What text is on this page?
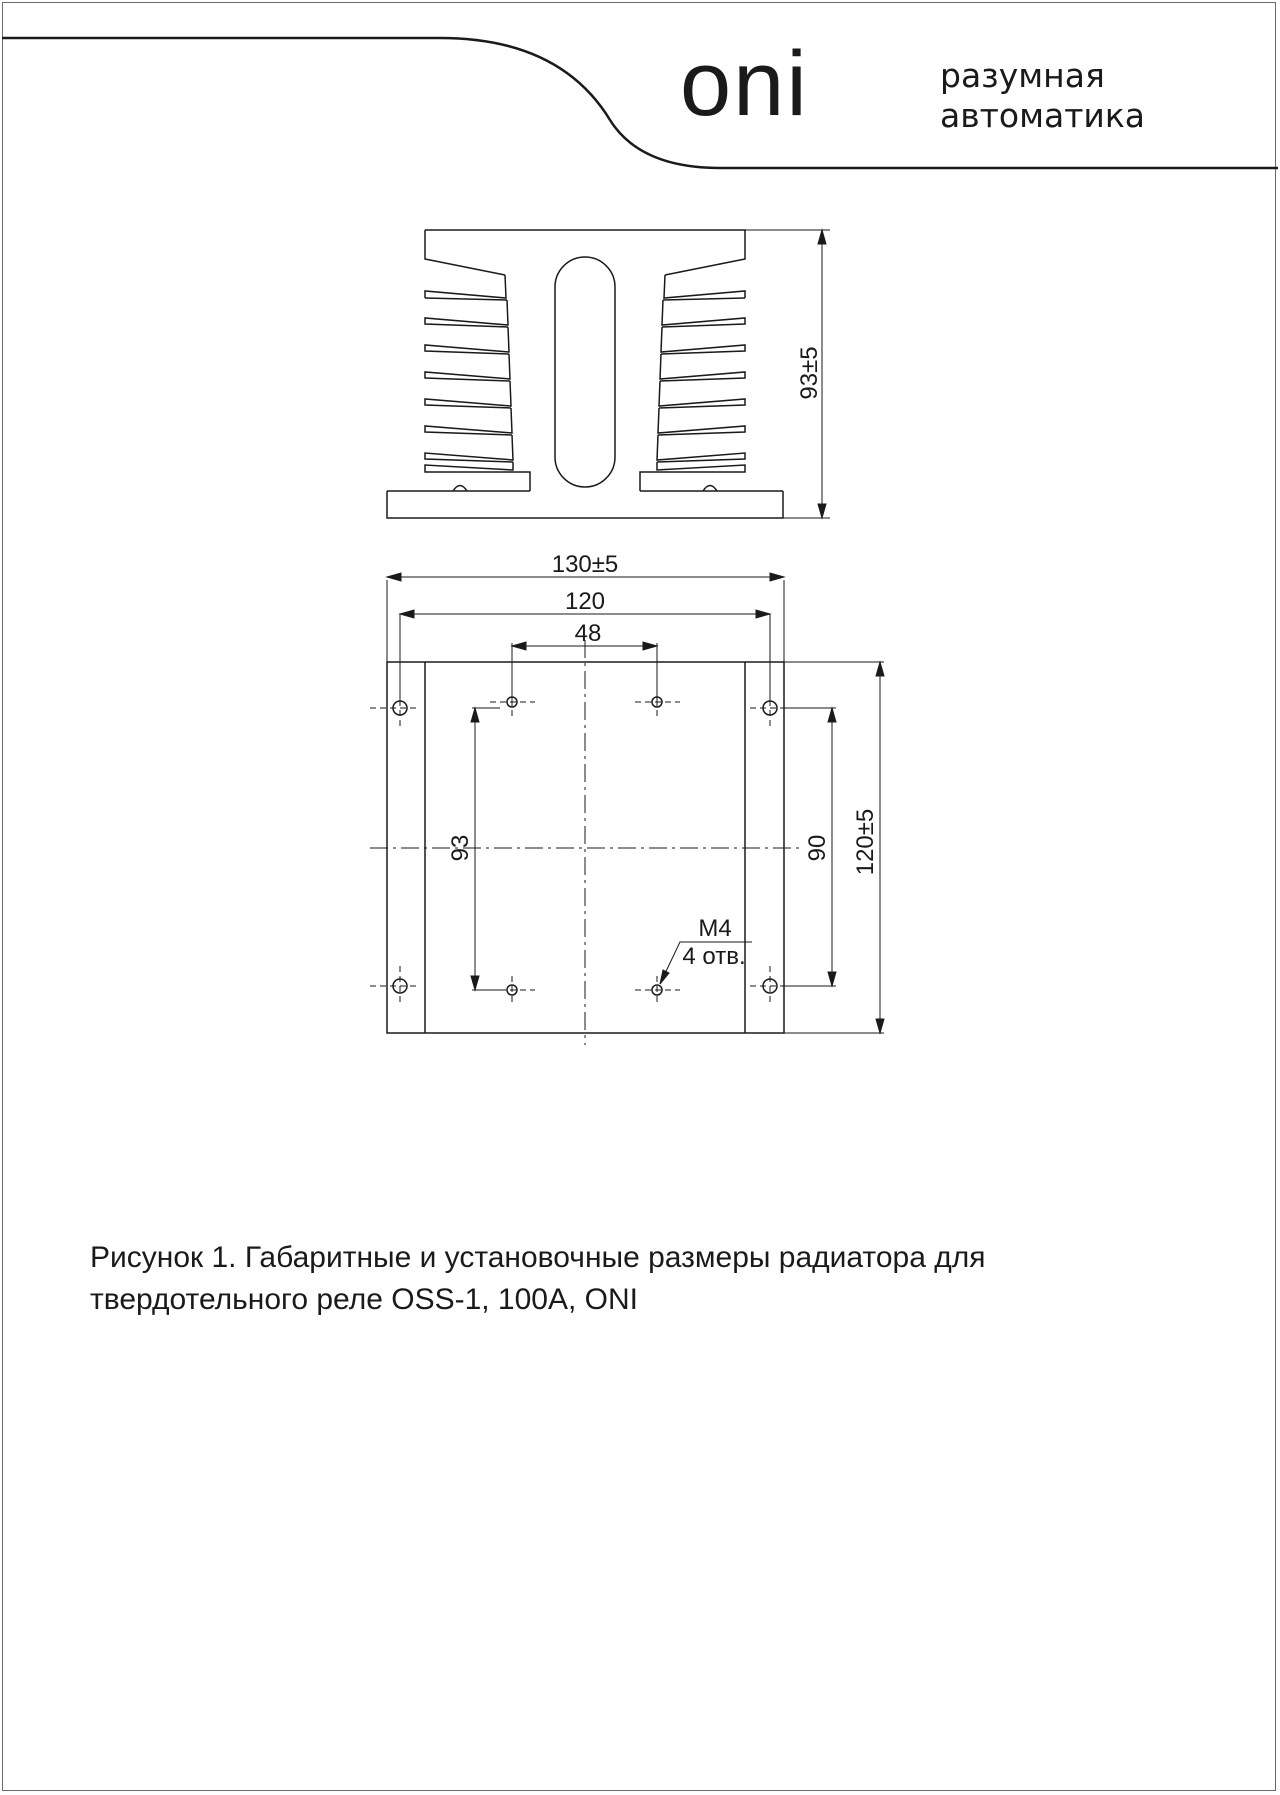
oni	разумная
автоматика
93±5
130±5
120
48
93	90 120±5
M4
4 отв.
Рисунок 1. Габаритные и установочные размеры радиатора для
твердотельного реле OSS-1, 100A, ONI
